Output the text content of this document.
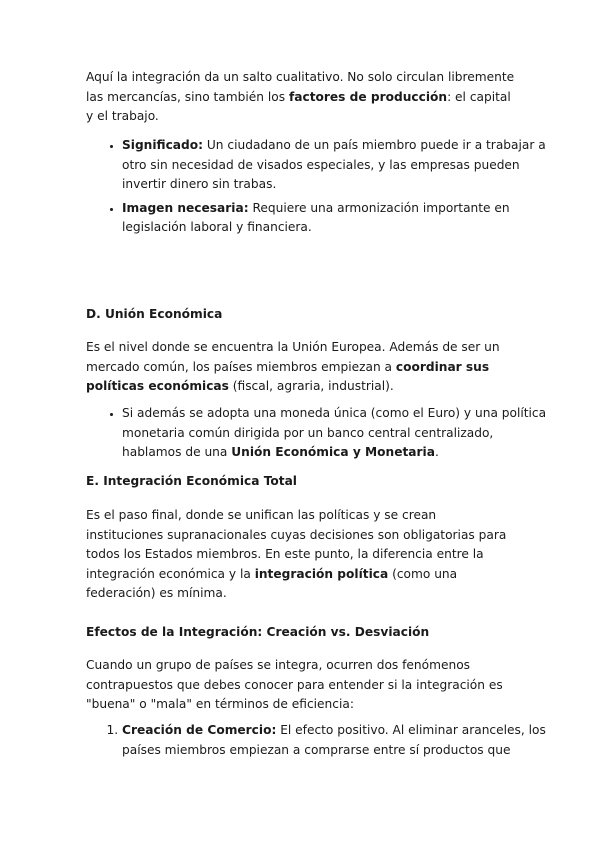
Aquí la integración da un salto cualitativo. No solo circulan libremente las mercancías, sino también los factores de producción: el capital y el trabajo.

• Significado: Un ciudadano de un país miembro puede ir a trabajar a otro sin necesidad de visados especiales, y las empresas pueden invertir dinero sin trabas.
• Imagen necesaria: Requiere una armonización importante en legislación laboral y financiera.
D. Unión Económica

Es el nivel donde se encuentra la Unión Europea. Además de ser un mercado común, los países miembros empiezan a coordinar sus políticas económicas (fiscal, agraria, industrial).

• Si además se adopta una moneda única (como el Euro) y una política monetaria común dirigida por un banco central centralizado, hablamos de una Unión Económica y Monetaria.
E. Integración Económica Total

Es el paso final, donde se unifican las políticas y se crean instituciones supranacionales cuyas decisiones son obligatorias para todos los Estados miembros. En este punto, la diferencia entre la integración económica y la integración política (como una federación) es mínima.

Efectos de la Integración: Creación vs. Desviación

Cuando un grupo de países se integra, ocurren dos fenómenos contrapuestos que debes conocer para entender si la integración es "buena" o "mala" en términos de eficiencia:

1. Creación de Comercio: El efecto positivo. Al eliminar aranceles, los países miembros empiezan a comprarse entre sí productos que
